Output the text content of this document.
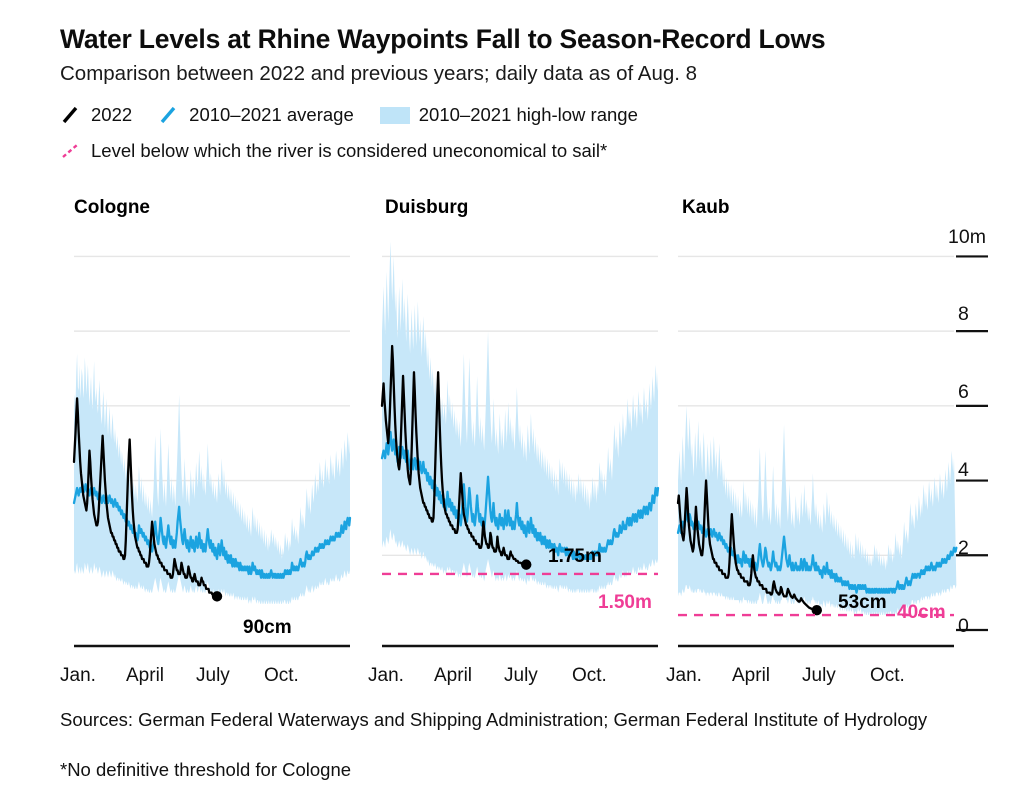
Water Levels at Rhine Waypoints Fall to Season-Record Lows
Comparison between 2022 and previous years; daily data as of Aug. 8
2022	2010–2021 average	2010–2021 high-low range
Level below which the river is considered uneconomical to sail*
Cologne	Duisburg	Kaub
10m
8
6
4
2
0
Jan. April July Oct.	Jan. April July Oct.	Jan. April July Oct.
90cm
1.75m
1.50m	53cm 40cm
Sources: German Federal Waterways and Shipping Administration; German Federal Institute of Hydrology
*No definitive threshold for Cologne
